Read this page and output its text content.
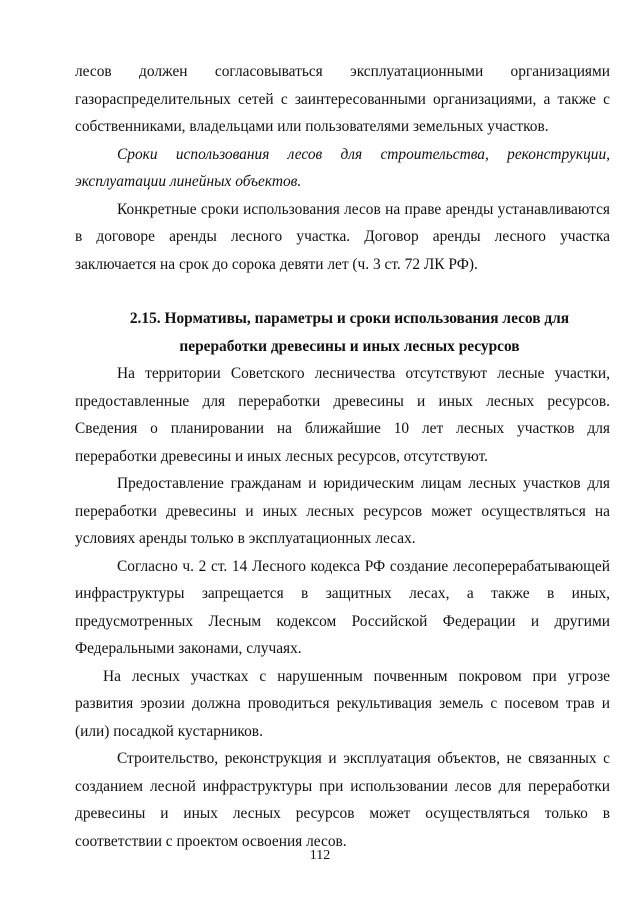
лесов должен согласовываться эксплуатационными организациями газораспределительных сетей с заинтересованными организациями, а также с собственниками, владельцами или пользователями земельных участков.

Сроки использования лесов для строительства, реконструкции, эксплуатации линейных объектов.

Конкретные сроки использования лесов на праве аренды устанавливаются в договоре аренды лесного участка. Договор аренды лесного участка заключается на срок до сорока девяти лет (ч. 3 ст. 72 ЛК РФ).

2.15. Нормативы, параметры и сроки использования лесов для
переработки древесины и иных лесных ресурсов

На территории Советского лесничества отсутствуют лесные участки, предоставленные для переработки древесины и иных лесных ресурсов. Сведения о планировании на ближайшие 10 лет лесных участков для переработки древесины и иных лесных ресурсов, отсутствуют.

Предоставление гражданам и юридическим лицам лесных участков для переработки древесины и иных лесных ресурсов может осуществляться на условиях аренды только в эксплуатационных лесах.

Согласно ч. 2 ст. 14 Лесного кодекса РФ создание лесоперерабатывающей инфраструктуры запрещается в защитных лесах, а также в иных, предусмотренных Лесным кодексом Российской Федерации и другими Федеральными законами, случаях.

На лесных участках с нарушенным почвенным покровом при угрозе развития эрозии должна проводиться рекультивация земель с посевом трав и (или) посадкой кустарников.

Строительство, реконструкция и эксплуатация объектов, не связанных с созданием лесной инфраструктуры при использовании лесов для переработки древесины и иных лесных ресурсов может осуществляться только в соответствии с проектом освоения лесов.

112
